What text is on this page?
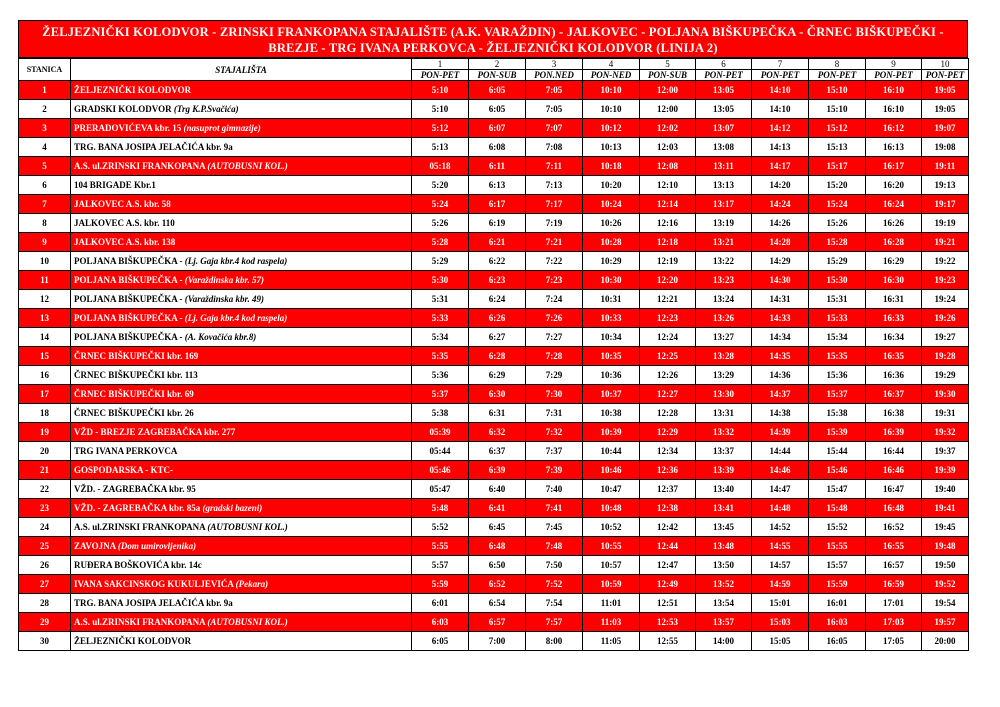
ŽELJEZNIČKI KOLODVOR - ZRINSKI FRANKOPANA STAJALIŠTE (A.K. VARAŽDIN) - JALKOVEC - POLJANA BIŠKUPEČKA - ČRNEC BIŠKUPEČKI -
BREZJE - TRG IVANA PERKOVCA - ŽELJEZNIČKI KOLODVOR (LINIJA 2)
STANICA	STAJALIŠTA	1	2	3	4	5	6	7	8	9	10
		PON-PET	PON-SUB	PON.NED	PON-NED	PON-SUB	PON-PET	PON-PET	PON-PET	PON-PET	PON-PET
1	ŽELJEZNIČKI KOLODVOR	5:10	6:05	7:05	10:10	12:00	13:05	14:10	15:10	16:10	19:05
2	GRADSKI KOLODVOR (Trg K.P.Svačića)	5:10	6:05	7:05	10:10	12:00	13:05	14:10	15:10	16:10	19:05
3	PRERADOVIĆEVA kbr. 15 (nasuprot gimnazije)	5:12	6:07	7:07	10:12	12:02	13:07	14:12	15:12	16:12	19:07
4	TRG. BANA JOSIPA JELAČIĆA kbr. 9a	5:13	6:08	7:08	10:13	12:03	13:08	14:13	15:13	16:13	19:08
5	A.S. ul.ZRINSKI FRANKOPANA (AUTOBUSNI KOL.)	05:18	6:11	7:11	10:18	12:08	13:11	14:17	15:17	16:17	19:11
6	104 BRIGADE Kbr.1	5:20	6:13	7:13	10:20	12:10	13:13	14:20	15:20	16:20	19:13
7	JALKOVEC A.S. kbr. 58	5:24	6:17	7:17	10:24	12:14	13:17	14:24	15:24	16:24	19:17
8	JALKOVEC A.S. kbr. 110	5:26	6:19	7:19	10:26	12:16	13:19	14:26	15:26	16:26	19:19
9	JALKOVEC A.S. kbr. 138	5:28	6:21	7:21	10:28	12:18	13:21	14:28	15:28	16:28	19:21
10	POLJANA BIŠKUPEČKA - (Lj. Gaja kbr.4 kod raspela)	5:29	6:22	7:22	10:29	12:19	13:22	14:29	15:29	16:29	19:22
11	POLJANA BIŠKUPEČKA - (Varaždinska kbr. 57)	5:30	6:23	7:23	10:30	12:20	13:23	14:30	15:30	16:30	19:23
12	POLJANA BIŠKUPEČKA - (Varaždinska kbr. 49)	5:31	6:24	7:24	10:31	12:21	13:24	14:31	15:31	16:31	19:24
13	POLJANA BIŠKUPEČKA - (Lj. Gaja kbr.4 kod raspela)	5:33	6:26	7:26	10:33	12:23	13:26	14:33	15:33	16:33	19:26
14	POLJANA BIŠKUPEČKA - (A. Kovačića kbr.8)	5:34	6:27	7:27	10:34	12:24	13:27	14:34	15:34	16:34	19:27
15	ČRNEC BIŠKUPEČKI kbr. 169	5:35	6:28	7:28	10:35	12:25	13:28	14:35	15:35	16:35	19:28
16	ČRNEC BIŠKUPEČKI kbr. 113	5:36	6:29	7:29	10:36	12:26	13:29	14:36	15:36	16:36	19:29
17	ČRNEC BIŠKUPEČKI kbr. 69	5:37	6:30	7:30	10:37	12:27	13:30	14:37	15:37	16:37	19:30
18	ČRNEC BIŠKUPEČKI kbr. 26	5:38	6:31	7:31	10:38	12:28	13:31	14:38	15:38	16:38	19:31
19	VŽD - BREZJE ZAGREBAČKA kbr. 277	05:39	6:32	7:32	10:39	12:29	13:32	14:39	15:39	16:39	19:32
20	TRG IVANA PERKOVCA	05:44	6:37	7:37	10:44	12:34	13:37	14:44	15:44	16:44	19:37
21	GOSPODARSKA - KTC-	05:46	6:39	7:39	10:46	12:36	13:39	14:46	15:46	16:46	19:39
22	VŽD. - ZAGREBAČKA kbr. 95	05:47	6:40	7:40	10:47	12:37	13:40	14:47	15:47	16:47	19:40
23	VŽD. - ZAGREBAČKA kbr. 85a (gradski bazeni)	5:48	6:41	7:41	10:48	12:38	13:41	14:48	15:48	16:48	19:41
24	A.S. ul.ZRINSKI FRANKOPANA (AUTOBUSNI KOL.)	5:52	6:45	7:45	10:52	12:42	13:45	14:52	15:52	16:52	19:45
25	ZAVOJNA (Dom umirovljenika)	5:55	6:48	7:48	10:55	12:44	13:48	14:55	15:55	16:55	19:48
26	RUĐERA BOŠKOVIĆA kbr. 14c	5:57	6:50	7:50	10:57	12:47	13:50	14:57	15:57	16:57	19:50
27	IVANA SAKCINSKOG KUKULJEVIĆA (Pekara)	5:59	6:52	7:52	10:59	12:49	13:52	14:59	15:59	16:59	19:52
28	TRG. BANA JOSIPA JELAČIĆA kbr. 9a	6:01	6:54	7:54	11:01	12:51	13:54	15:01	16:01	17:01	19:54
29	A.S. ul.ZRINSKI FRANKOPANA (AUTOBUSNI KOL.)	6:03	6:57	7:57	11:03	12:53	13:57	15:03	16:03	17:03	19:57
30	ŽELJEZNIČKI KOLODVOR	6:05	7:00	8:00	11:05	12:55	14:00	15:05	16:05	17:05	20:00
